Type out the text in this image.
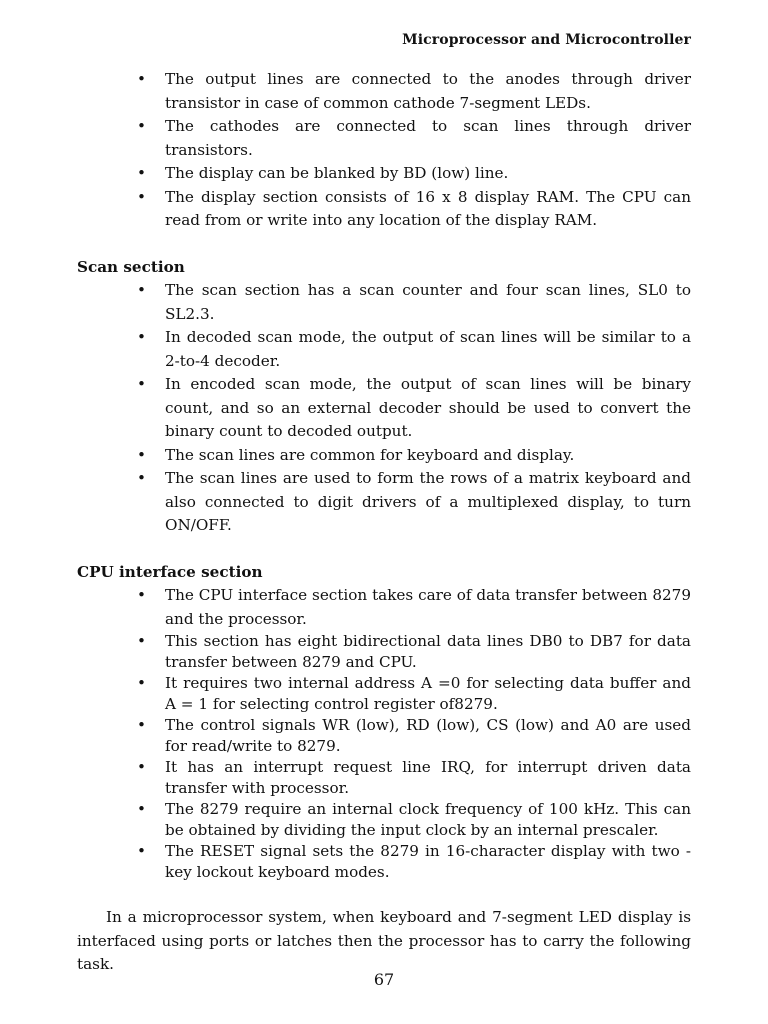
Microprocessor and Microcontroller
• The output lines are connected to the anodes through driver transistor in case of common cathode 7-segment LEDs.
• The cathodes are connected to scan lines through driver transistors.
• The display can be blanked by BD (low) line.
• The display section consists of 16 x 8 display RAM. The CPU can read from or write into any location of the display RAM.
Scan section
• The scan section has a scan counter and four scan lines, SL0 to SL2.3.
• In decoded scan mode, the output of scan lines will be similar to a 2-to-4 decoder.
• In encoded scan mode, the output of scan lines will be binary count, and so an external decoder should be used to convert the binary count to decoded output.
• The scan lines are common for keyboard and display.
• The scan lines are used to form the rows of a matrix keyboard and also connected to digit drivers of a multiplexed display, to turn ON/OFF.
CPU interface section
• The CPU interface section takes care of data transfer between 8279 and the processor.
• This section has eight bidirectional data lines DB0 to DB7 for data transfer between 8279 and CPU.
• It requires two internal address A =0 for selecting data buffer and A = 1 for selecting control register of8279.
• The control signals WR (low), RD (low), CS (low) and A0 are used for read/write to 8279.
• It has an interrupt request line IRQ, for interrupt driven data transfer with processor.
• The 8279 require an internal clock frequency of 100 kHz. This can be obtained by dividing the input clock by an internal prescaler.
• The RESET signal sets the 8279 in 16-character display with two -key lockout keyboard modes.

In a microprocessor system, when keyboard and 7-segment LED display is interfaced using ports or latches then the processor has to carry the following task.

67
